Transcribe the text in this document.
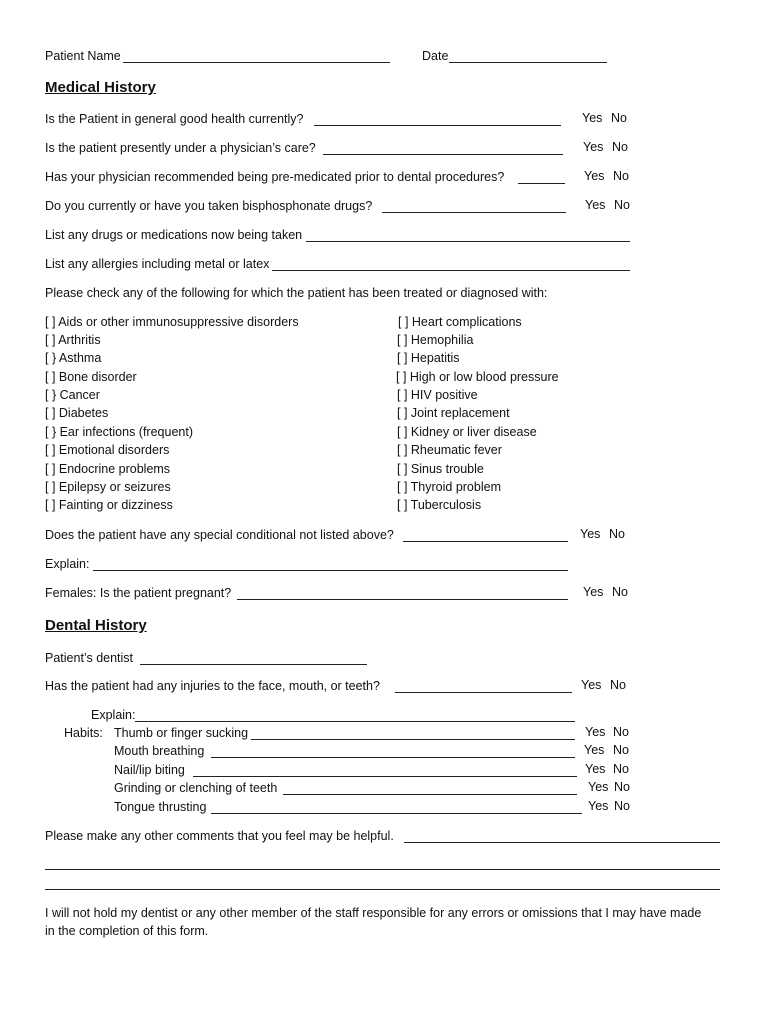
Patient Name	Date
Medical History
Is the Patient in general good health currently?	Yes No
Is the patient presently under a physician’s care?	Yes No
Has your physician recommended being pre-medicated prior to dental procedures?	Yes No
Do you currently or have you taken bisphosphonate drugs?	Yes No
List any drugs or medications now being taken
List any allergies including metal or latex
Please check any of the following for which the patient has been treated or diagnosed with:
[ ] Aids or other immunosuppressive disorders
[ ] Arthritis
[ } Asthma
[ ] Bone disorder
[ } Cancer
[ ] Diabetes
[ } Ear infections (frequent)
[ ] Emotional disorders
[ ] Endocrine problems
[ ] Epilepsy or seizures
[ ] Fainting or dizziness
[ ] Heart complications
[ ] Hemophilia
[ ] Hepatitis
[ ] High or low blood pressure
[ ] HIV positive
[ ] Joint replacement
[ ] Kidney or liver disease
[ ] Rheumatic fever
[ ] Sinus trouble
[ ] Thyroid problem
[ ] Tuberculosis
Does the patient have any special conditional not listed above?	Yes No
Explain:
Females: Is the patient pregnant?	Yes No
Dental History
Patient’s dentist
Has the patient had any injuries to the face, mouth, or teeth?	Yes No
Explain:
Habits: Thumb or finger sucking	Yes No
Mouth breathing	Yes No
Nail/lip biting	Yes No
Grinding or clenching of teeth	Yes No
Tongue thrusting	Yes No
Please make any other comments that you feel may be helpful.
I will not hold my dentist or any other member of the staff responsible for any errors or omissions that I may have made
in the completion of this form.
